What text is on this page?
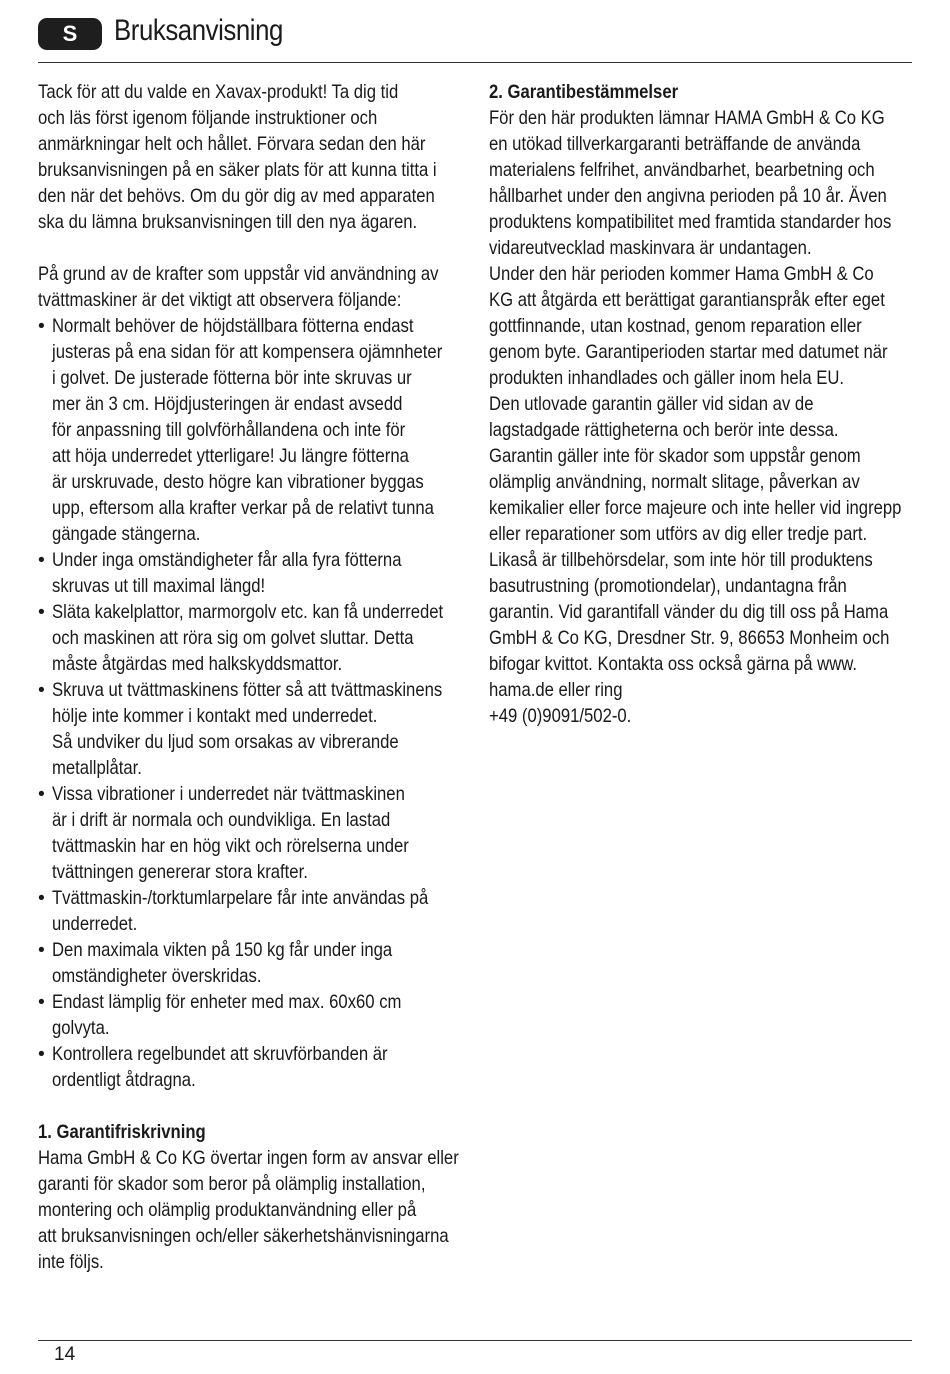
S	Bruksanvisning
Tack för att du valde en Xavax-produkt! Ta dig tid
och läs först igenom följande instruktioner och
anmärkningar helt och hållet. Förvara sedan den här
bruksanvisningen på en säker plats för att kunna titta i
den när det behövs. Om du gör dig av med apparaten
ska du lämna bruksanvisningen till den nya ägaren.
På grund av de krafter som uppstår vid användning av
tvättmaskiner är det viktigt att observera följande:
• Normalt behöver de höjdställbara fötterna endast
justeras på ena sidan för att kompensera ojämnheter
i golvet. De justerade fötterna bör inte skruvas ur
mer än 3 cm. Höjdjusteringen är endast avsedd
för anpassning till golvförhållandena och inte för
att höja underredet ytterligare! Ju längre fötterna
är urskruvade, desto högre kan vibrationer byggas
upp, eftersom alla krafter verkar på de relativt tunna
gängade stängerna.
• Under inga omständigheter får alla fyra fötterna
skruvas ut till maximal längd!
• Släta kakelplattor, marmorgolv etc. kan få underredet
och maskinen att röra sig om golvet sluttar. Detta
måste åtgärdas med halkskyddsmattor.
• Skruva ut tvättmaskinens fötter så att tvättmaskinens
hölje inte kommer i kontakt med underredet.
Så undviker du ljud som orsakas av vibrerande
metallplåtar.
• Vissa vibrationer i underredet när tvättmaskinen
är i drift är normala och oundvikliga. En lastad
tvättmaskin har en hög vikt och rörelserna under
tvättningen genererar stora krafter.
• Tvättmaskin-/torktumlarpelare får inte användas på
underredet.
• Den maximala vikten på 150 kg får under inga
omständigheter överskridas.
• Endast lämplig för enheter med max. 60x60 cm
golvyta.
• Kontrollera regelbundet att skruvförbanden är
ordentligt åtdragna.
1. Garantifriskrivning
Hama GmbH & Co KG övertar ingen form av ansvar eller
garanti för skador som beror på olämplig installation,
montering och olämplig produktanvändning eller på
att bruksanvisningen och/eller säkerhetshänvisningarna
inte följs.
2. Garantibestämmelser
För den här produkten lämnar HAMA GmbH & Co KG
en utökad tillverkargaranti beträffande de använda
materialens felfrihet, användbarhet, bearbetning och
hållbarhet under den angivna perioden på 10 år. Även
produktens kompatibilitet med framtida standarder hos
vidareutvecklad maskinvara är undantagen.
Under den här perioden kommer Hama GmbH & Co
KG att åtgärda ett berättigat garantianspråk efter eget
gottfinnande, utan kostnad, genom reparation eller
genom byte. Garantiperioden startar med datumet när
produkten inhandlades och gäller inom hela EU.
Den utlovade garantin gäller vid sidan av de
lagstadgade rättigheterna och berör inte dessa.
Garantin gäller inte för skador som uppstår genom
olämplig användning, normalt slitage, påverkan av
kemikalier eller force majeure och inte heller vid ingrepp
eller reparationer som utförs av dig eller tredje part.
Likaså är tillbehörsdelar, som inte hör till produktens
basutrustning (promotiondelar), undantagna från
garantin. Vid garantifall vänder du dig till oss på Hama
GmbH & Co KG, Dresdner Str. 9, 86653 Monheim och
bifogar kvittot. Kontakta oss också gärna på www.
hama.de eller ring
+49 (0)9091/502-0.
14
